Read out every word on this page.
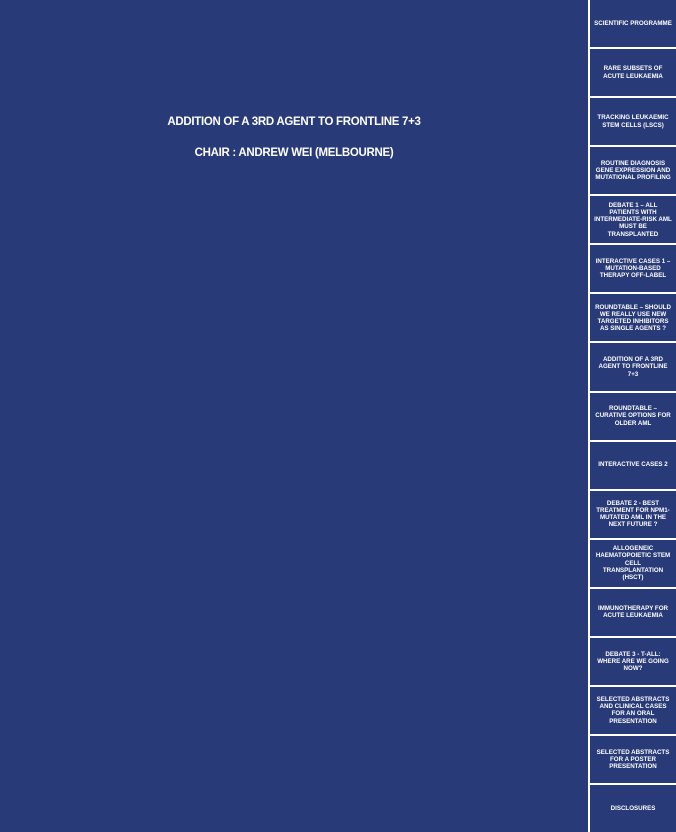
ADDITION OF A 3RD AGENT TO FRONTLINE 7+3
CHAIR : ANDREW WEI (MELBOURNE)
SCIENTIFIC PROGRAMME
RARE SUBSETS OF ACUTE LEUKAEMIA
TRACKING LEUKAEMIC STEM CELLS (LSCS)
ROUTINE DIAGNOSIS GENE EXPRESSION AND MUTATIONAL PROFILING
DEBATE 1 – ALL PATIENTS WITH INTERMEDIATE-RISK AML MUST BE TRANSPLANTED
INTERACTIVE CASES 1 – MUTATION-BASED THERAPY OFF-LABEL
ROUNDTABLE – SHOULD WE REALLY USE NEW TARGETED INHIBITORS AS SINGLE AGENTS ?
ADDITION OF A 3RD AGENT TO FRONTLINE 7+3
ROUNDTABLE – CURATIVE OPTIONS FOR OLDER AML
INTERACTIVE CASES 2
DEBATE 2 - BEST TREATMENT FOR NPM1-MUTATED AML IN THE NEXT FUTURE ?
ALLOGENEIC HAEMATOPOIETIC STEM CELL TRANSPLANTATION (HSCT)
IMMUNOTHERAPY FOR ACUTE LEUKAEMIA
DEBATE 3 - T-ALL: WHERE ARE WE GOING NOW?
SELECTED ABSTRACTS AND CLINICAL CASES FOR AN ORAL PRESENTATION
SELECTED ABSTRACTS FOR A POSTER PRESENTATION
DISCLOSURES
